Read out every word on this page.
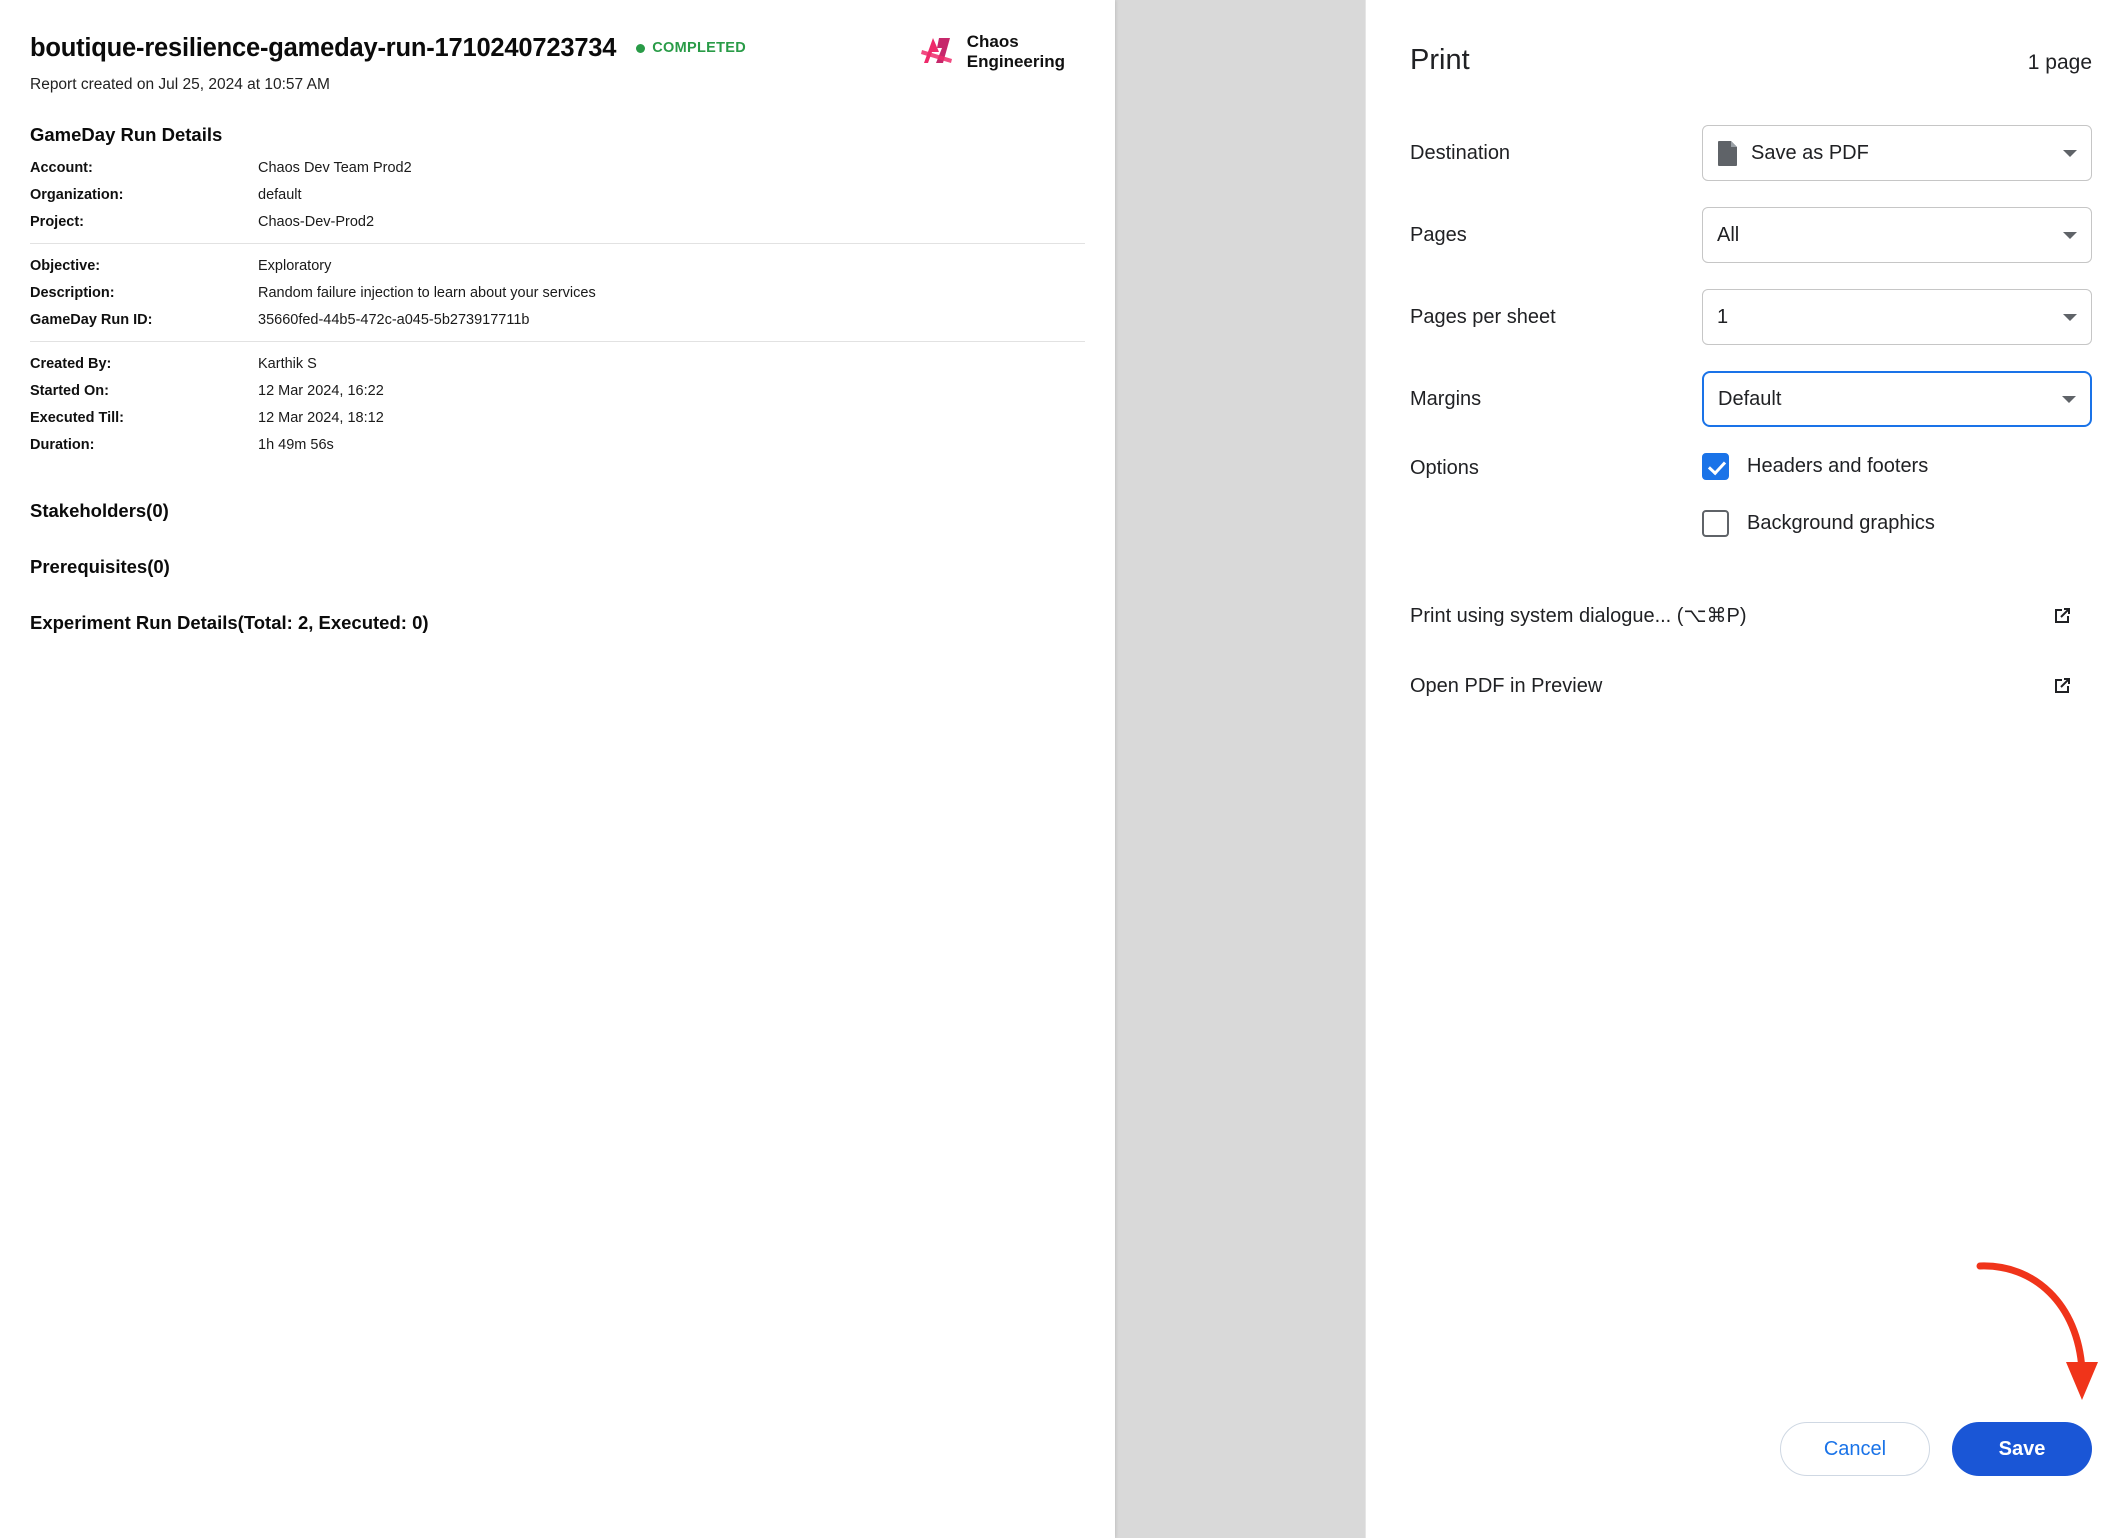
boutique-resilience-gameday-run-1710240723734 COMPLETED	Chaos
Engineering
Report created on Jul 25, 2024 at 10:57 AM
GameDay Run Details
Account:	Chaos Dev Team Prod2
Organization:	default
Project:	Chaos-Dev-Prod2
Objective:	Exploratory
Description:	Random failure injection to learn about your services
GameDay Run ID:	35660fed-44b5-472c-a045-5b273917711b
Created By:	Karthik S
Started On:	12 Mar 2024, 16:22
Executed Till:	12 Mar 2024, 18:12
Duration:	1h 49m 56s
Stakeholders(0)
Prerequisites(0)
Experiment Run Details(Total: 2, Executed: 0)
Print	1 page
Destination	Save as PDF
Pages	All
Pages per sheet	1
Margins	Default
Options	Headers and footers
Background graphics
Print using system dialogue... (⌥⌘P)
Open PDF in Preview
Cancel	Save
